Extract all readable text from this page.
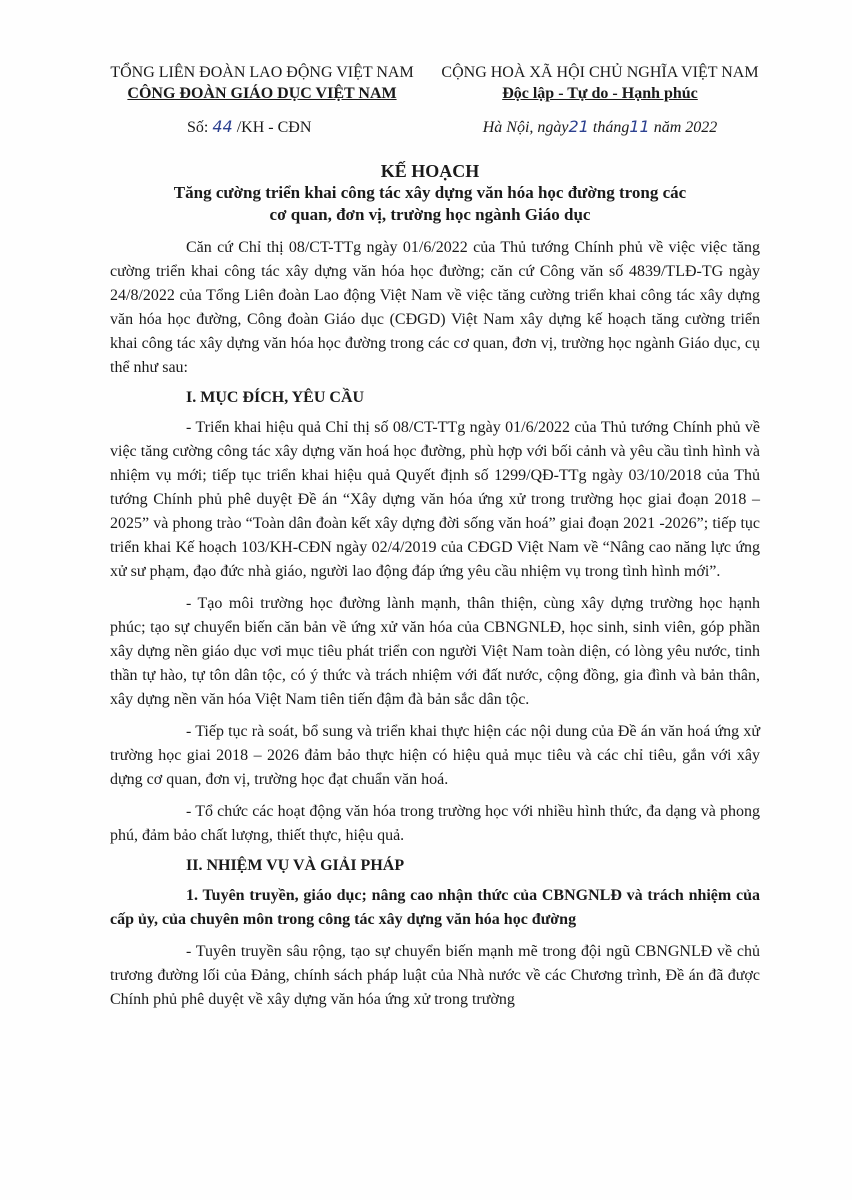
TỔNG LIÊN ĐOÀN LAO ĐỘNG VIỆT NAM
CÔNG ĐOÀN GIÁO DỤC VIỆT NAM
Số: 44 /KH - CĐN
CỘNG HOÀ XÃ HỘI CHỦ NGHĨA VIỆT NAM
Độc lập - Tự do - Hạnh phúc
Hà Nội, ngày21 tháng11 năm 2022
KẾ HOẠCH
Tăng cường triển khai công tác xây dựng văn hóa học đường trong các
cơ quan, đơn vị, trường học ngành Giáo dục

Căn cứ Chỉ thị 08/CT-TTg ngày 01/6/2022 của Thủ tướng Chính phủ về việc việc tăng cường triển khai công tác xây dựng văn hóa học đường; căn cứ Công văn số 4839/TLĐ-TG ngày 24/8/2022 của Tổng Liên đoàn Lao động Việt Nam về việc tăng cường triển khai công tác xây dựng văn hóa học đường, Công đoàn Giáo dục (CĐGD) Việt Nam xây dựng kế hoạch tăng cường triển khai công tác xây dựng văn hóa học đường trong các cơ quan, đơn vị, trường học ngành Giáo dục, cụ thể như sau:

I. MỤC ĐÍCH, YÊU CẦU

- Triển khai hiệu quả Chỉ thị số 08/CT-TTg ngày 01/6/2022 của Thủ tướng Chính phủ về việc tăng cường công tác xây dựng văn hoá học đường, phù hợp với bối cảnh và yêu cầu tình hình và nhiệm vụ mới; tiếp tục triển khai hiệu quả Quyết định số 1299/QĐ-TTg ngày 03/10/2018 của Thủ tướng Chính phủ phê duyệt Đề án “Xây dựng văn hóa ứng xử trong trường học giai đoạn 2018 – 2025” và phong trào “Toàn dân đoàn kết xây dựng đời sống văn hoá” giai đoạn 2021 -2026”; tiếp tục triển khai Kế hoạch 103/KH-CĐN ngày 02/4/2019 của CĐGD Việt Nam về “Nâng cao năng lực ứng xử sư phạm, đạo đức nhà giáo, người lao động đáp ứng yêu cầu nhiệm vụ trong tình hình mới”.

- Tạo môi trường học đường lành mạnh, thân thiện, cùng xây dựng trường học hạnh phúc; tạo sự chuyển biến căn bản về ứng xử văn hóa của CBNGNLĐ, học sinh, sinh viên, góp phần xây dựng nền giáo dục vơi mục tiêu phát triển con người Việt Nam toàn diện, có lòng yêu nước, tinh thần tự hào, tự tôn dân tộc, có ý thức và trách nhiệm với đất nước, cộng đồng, gia đình và bản thân, xây dựng nền văn hóa Việt Nam tiên tiến đậm đà bản sắc dân tộc.

- Tiếp tục rà soát, bổ sung và triển khai thực hiện các nội dung của Đề án văn hoá ứng xử trường học giai 2018 – 2026 đảm bảo thực hiện có hiệu quả mục tiêu và các chỉ tiêu, gắn với xây dựng cơ quan, đơn vị, trường học đạt chuẩn văn hoá.

- Tổ chức các hoạt động văn hóa trong trường học với nhiều hình thức, đa dạng và phong phú, đảm bảo chất lượng, thiết thực, hiệu quả.

II. NHIỆM VỤ VÀ GIẢI PHÁP

1. Tuyên truyền, giáo dục; nâng cao nhận thức của CBNGNLĐ và trách nhiệm của cấp ủy, của chuyên môn trong công tác xây dựng văn hóa học đường

- Tuyên truyền sâu rộng, tạo sự chuyển biến mạnh mẽ trong đội ngũ CBNGNLĐ về chủ trương đường lối của Đảng, chính sách pháp luật của Nhà nước về các Chương trình, Đề án đã được Chính phủ phê duyệt về xây dựng văn hóa ứng xử trong trường
